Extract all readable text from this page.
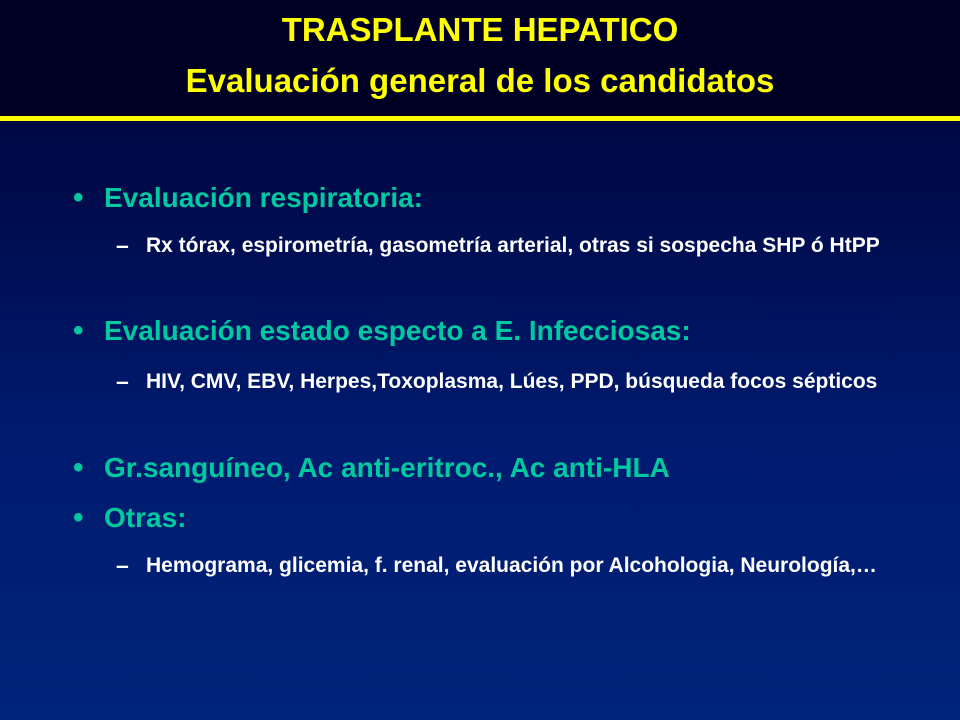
TRASPLANTE HEPATICO
Evaluación general de los candidatos
• Evaluación respiratoria:
– Rx tórax, espirometría, gasometría arterial, otras si sospecha SHP ó HtPP
• Evaluación estado especto a E. Infecciosas:
– HIV, CMV, EBV, Herpes,Toxoplasma, Lúes, PPD, búsqueda focos sépticos
• Gr.sanguíneo, Ac anti-eritroc., Ac anti-HLA
• Otras:
– Hemograma, glicemia, f. renal, evaluación por Alcohologia, Neurología,…
